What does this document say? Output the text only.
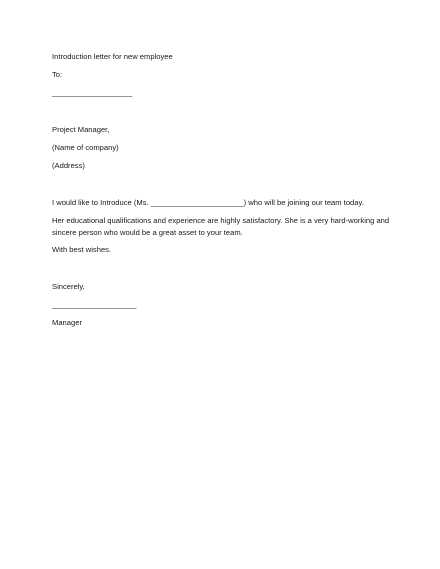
Introduction letter for new employee
To:
___________________
Project Manager,
(Name of company)
(Address)
I would like to Introduce (Ms. ______________________) who will be joining our team today.
Her educational qualifications and experience are highly satisfactory. She is a very hard-working and
sincere person who would be a great asset to your team.
With best wishes.
Sincerely,
____________________
Manager
